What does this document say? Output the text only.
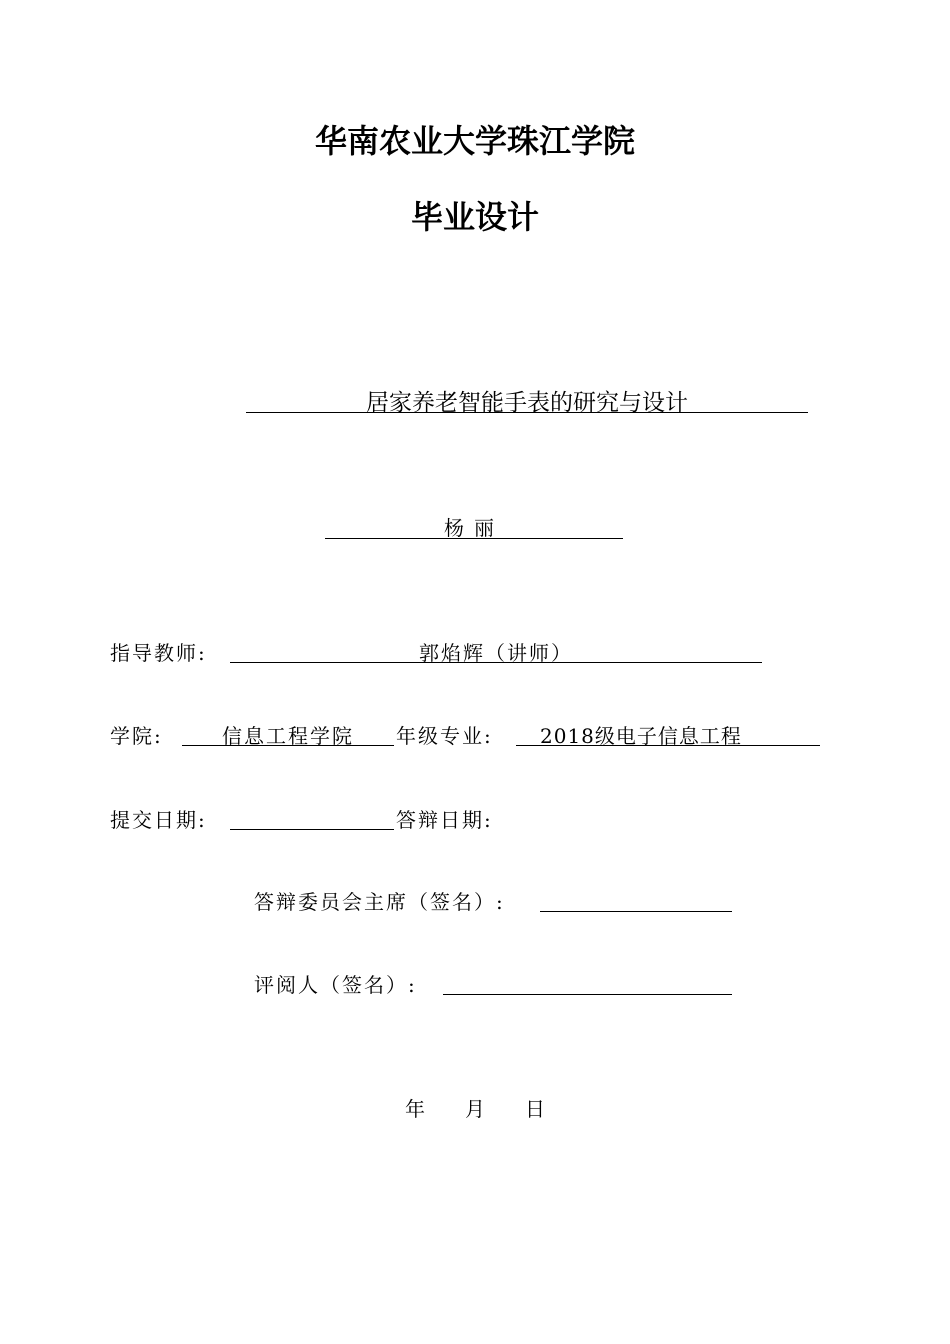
华南农业大学珠江学院
毕业设计
居家养老智能手表的研究与设计
杨丽
指导教师:	郭焰辉（讲师）
学院:	信息工程学院	年级专业:	2018级电子信息工程
提交日期:	答辩日期:
答辩委员会主席（签名）:
评阅人（签名）:
年 月 日
